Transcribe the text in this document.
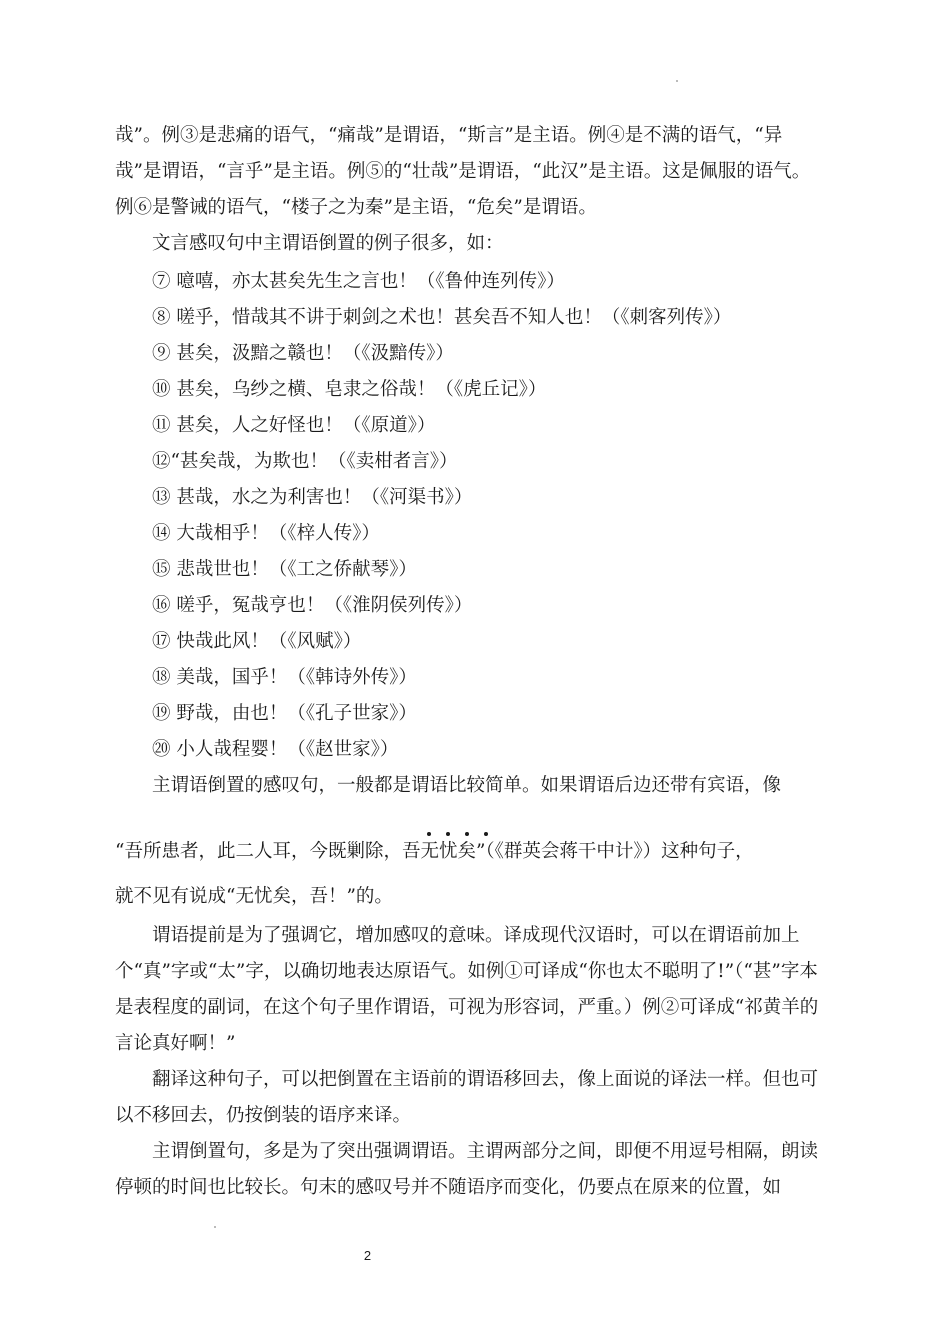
哉”。例③是悲痛的语气，“痛哉”是谓语，“斯言”是主语。例④是不满的语气，“异哉”是谓语，“言乎”是主语。例⑤的“壮哉”是谓语，“此汉”是主语。这是佩服的语气。例⑥是警诫的语气，“楼子之为秦”是主语，“危矣”是谓语。
文言感叹句中主谓语倒置的例子很多，如：
⑦ 噫嘻，亦太甚矣先生之言也！（《鲁仲连列传》）
⑧ 嗟乎，惜哉其不讲于刺剑之术也！甚矣吾不知人也！（《刺客列传》）
⑨ 甚矣，汲黯之赣也！（《汲黯传》）
⑩ 甚矣，乌纱之横、皂隶之俗哉！（《虎丘记》）
⑪ 甚矣，人之好怪也！（《原道》）
⑫“甚矣哉，为欺也！（《卖柑者言》）
⑬ 甚哉，水之为利害也！（《河渠书》）
⑭ 大哉相乎！（《梓人传》）
⑮ 悲哉世也！（《工之侨献琴》）
⑯ 嗟乎，冤哉亨也！（《淮阴侯列传》）
⑰ 快哉此风！（《风赋》）
⑱ 美哉，国乎！（《韩诗外传》）
⑲ 野哉，由也！（《孔子世家》）
⑳ 小人哉程婴！（《赵世家》）
主谓语倒置的感叹句，一般都是谓语比较简单。如果谓语后边还带有宾语，像
“吾所患者，此二人耳，今既剿除，吾无忧矣”（《群英会蒋干中计》）这种句子，
就不见有说成“无忧矣，吾！”的。
谓语提前是为了强调它，增加感叹的意味。译成现代汉语时，可以在谓语前加上个“真”字或“太”字，以确切地表达原语气。如例①可译成“你也太不聪明了!”（“甚”字本是表程度的副词，在这个句子里作谓语，可视为形容词，严重。）例②可译成“祁黄羊的言论真好啊！”
翻译这种句子，可以把倒置在主语前的谓语移回去，像上面说的译法一样。但也可以不移回去，仍按倒装的语序来译。
主谓倒置句，多是为了突出强调谓语。主谓两部分之间，即便不用逗号相隔，朗读停顿的时间也比较长。句末的感叹号并不随语序而变化，仍要点在原来的位置，如
2
